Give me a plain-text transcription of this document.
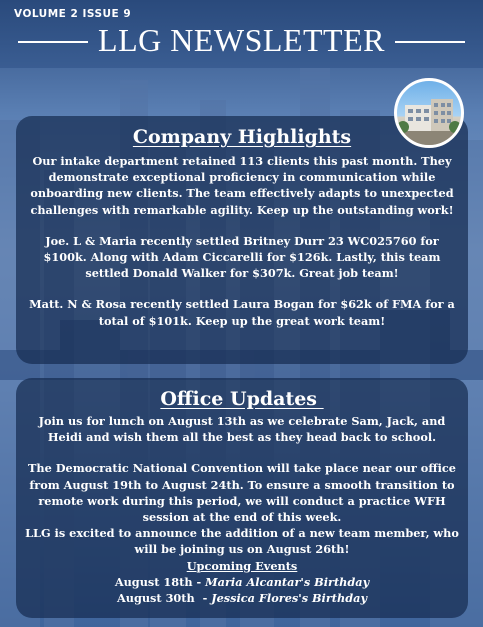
VOLUME 2 ISSUE 9
LLG NEWSLETTER
Company Highlights

Our intake department retained 113 clients this past month. They demonstrate exceptional proficiency in communication while onboarding new clients. The team effectively adapts to unexpected challenges with remarkable agility. Keep up the outstanding work!

Joe. L & Maria recently settled Britney Durr 23 WC025760 for $100k. Along with Adam Ciccarelli for $126k. Lastly, this team settled Donald Walker for $307k. Great job team!

Matt. N & Rosa recently settled Laura Bogan for $62k of FMA for a total of $101k. Keep up the great work team!

Office Updates

Join us for lunch on August 13th as we celebrate Sam, Jack, and Heidi and wish them all the best as they head back to school.

The Democratic National Convention will take place near our office from August 19th to August 24th. To ensure a smooth transition to remote work during this period, we will conduct a practice WFH session at the end of this week.

LLG is excited to announce the addition of a new team member, who will be joining us on August 26th!

Upcoming Events

August 18th - Maria Alcantar's Birthday

August 30th  - Jessica Flores's Birthday
